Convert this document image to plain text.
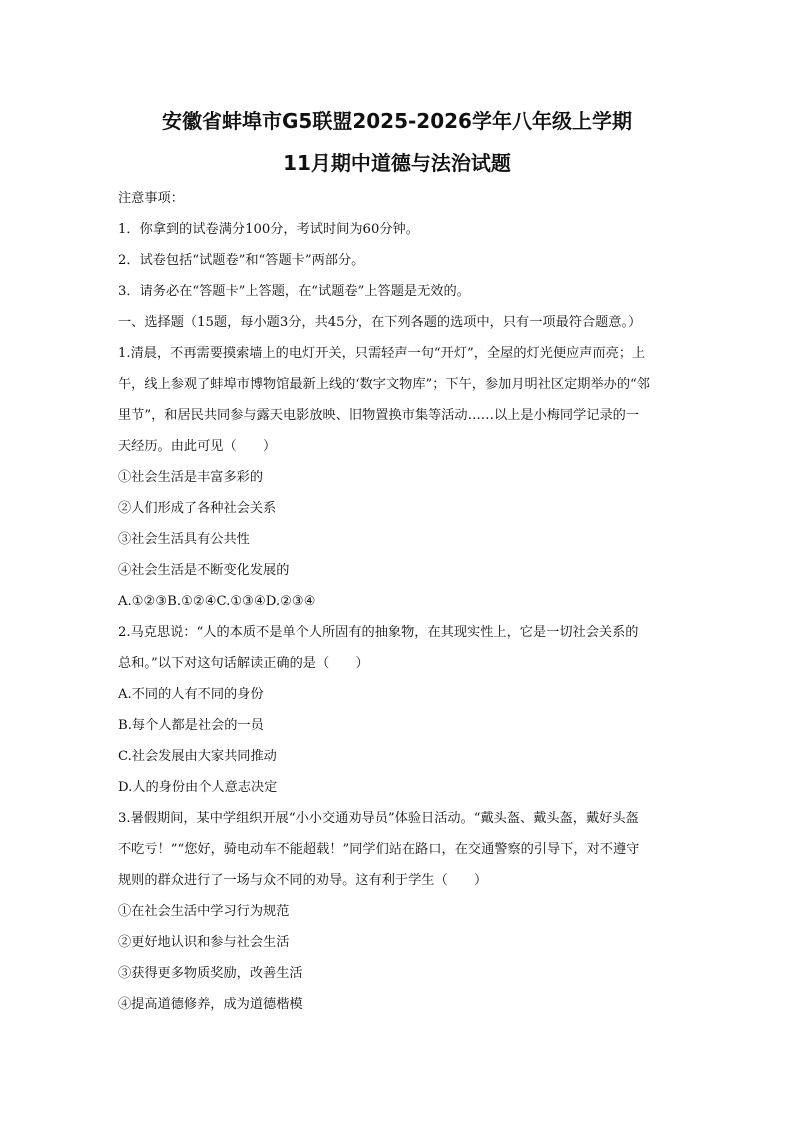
安徽省蚌埠市G5联盟2025-2026学年八年级上学期
11月期中道德与法治试题
注意事项：
1．你拿到的试卷满分100分，考试时间为60分钟。
2．试卷包括“试题卷”和“答题卡”两部分。
3．请务必在“答题卡”上答题，在“试题卷”上答题是无效的。
一、选择题（15题，每小题3分，共45分，在下列各题的选项中，只有一项最符合题意。）
1.清晨，不再需要摸索墙上的电灯开关，只需轻声一句“开灯”，全屋的灯光便应声而亮；上
午，线上参观了蚌埠市博物馆最新上线的‘数字文物库”；下午，参加月明社区定期举办的“邻
里节”，和居民共同参与露天电影放映、旧物置换市集等活动……以上是小梅同学记录的一
天经历。由此可见（　　）
①社会生活是丰富多彩的
②人们形成了各种社会关系
③社会生活具有公共性
④社会生活是不断变化发展的
A.①②③B.①②④C.①③④D.②③④
2.马克思说：“人的本质不是单个人所固有的抽象物，在其现实性上，它是一切社会关系的
总和。”以下对这句话解读正确的是（　　）
A.不同的人有不同的身份
B.每个人都是社会的一员
C.社会发展由大家共同推动
D.人的身份由个人意志决定
3.暑假期间，某中学组织开展“小小交通劝导员”体验日活动。“戴头盔、戴头盔，戴好头盔
不吃亏！”“您好，骑电动车不能超载！”同学们站在路口，在交通警察的引导下，对不遵守
规则的群众进行了一场与众不同的劝导。这有利于学生（　　）
①在社会生活中学习行为规范
②更好地认识和参与社会生活
③获得更多物质奖励，改善生活
④提高道德修养，成为道德楷模
